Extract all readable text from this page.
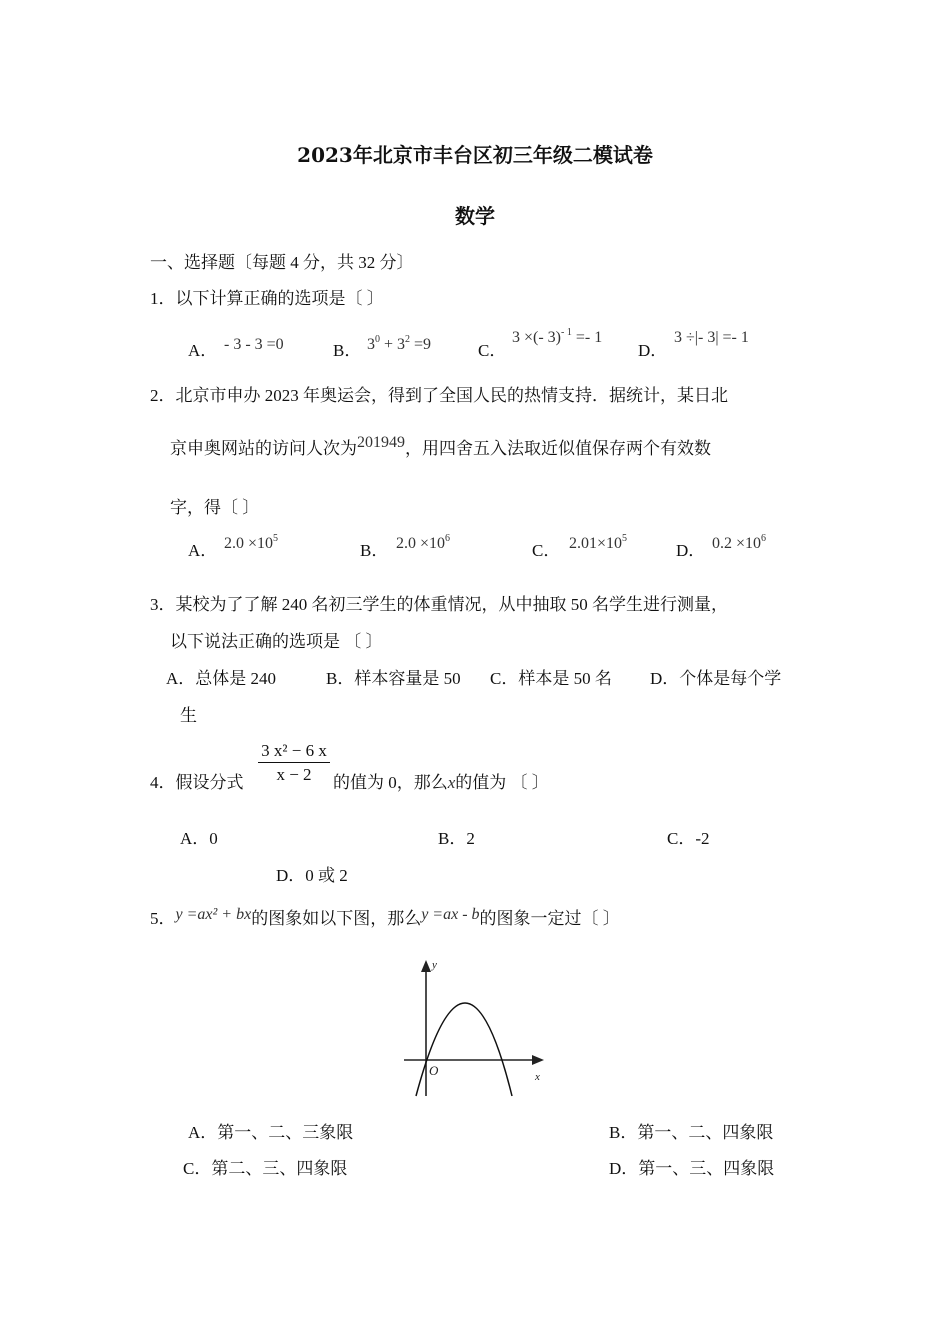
2023年北京市丰台区初三年级二模试卷
数学
一、选择题〔每题 4 分，共 32 分〕
1．以下计算正确的选项是〔 〕
A． - 3 - 3 =0	B． $3^0 + 3^2 =9$	C．
3 ×(- 3)$^{- 1}$ =- 1
D．
3 ÷|- 3| =- 1
2．北京市申办 2023 年奥运会，得到了全国人民的热情支持．据统计，某日北
京申奥网站的访问人次为201949，用四舍五入法取近似值保存两个有效数
字，得〔 〕
A． $2.0 \times 10^5$
B． $2.0 \times 10^6$
C． $2.01\times 10^5$
D． $0.2 \times 10^6$
3．某校为了了解 240 名初三学生的体重情况，从中抽取 50 名学生进行测量，
以下说法正确的选项是 〔 〕
A．总体是 240	B．样本容量是 50 C．样本是 50 名 D．个体是每个学
生
4．假设分式
3 x² − 6 x
x − 2	的值为 0，那么x的值为 〔 〕
A．0	B．2	C．-2
D．0 或 2
5．y =ax² + bx的图象如以下图，那么y =ax - b的图象一定过〔 〕
y
x
O
A．第一、二、三象限	B．第一、二、四象限
C．第二、三、四象限	D．第一、三、四象限
